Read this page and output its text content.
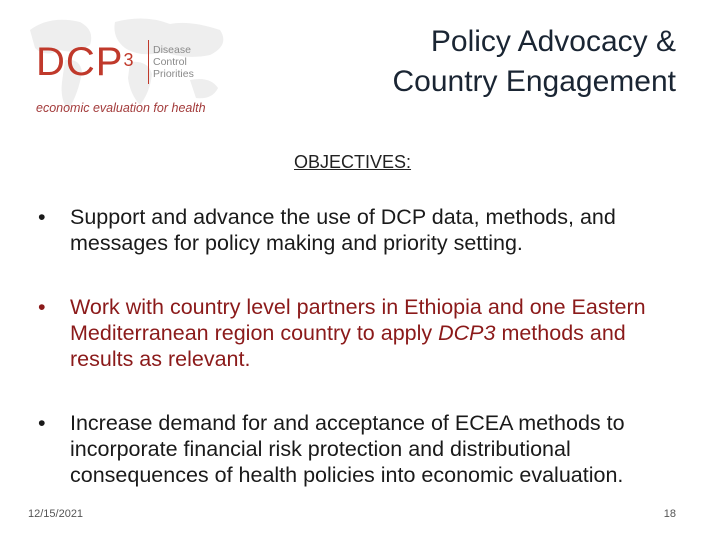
DCP$^3$ Disease
Control
Priorities
economic evaluation for health
Policy Advocacy &
Country Engagement
OBJECTIVES:
• Support and advance the use of DCP data, methods, and messages for policy making and priority setting.
• Work with country level partners in Ethiopia and one Eastern Mediterranean region country to apply DCP3 methods and results as relevant.
• Increase demand for and acceptance of ECEA methods to incorporate financial risk protection and distributional consequences of health policies into economic evaluation.
12/15/2021	18
